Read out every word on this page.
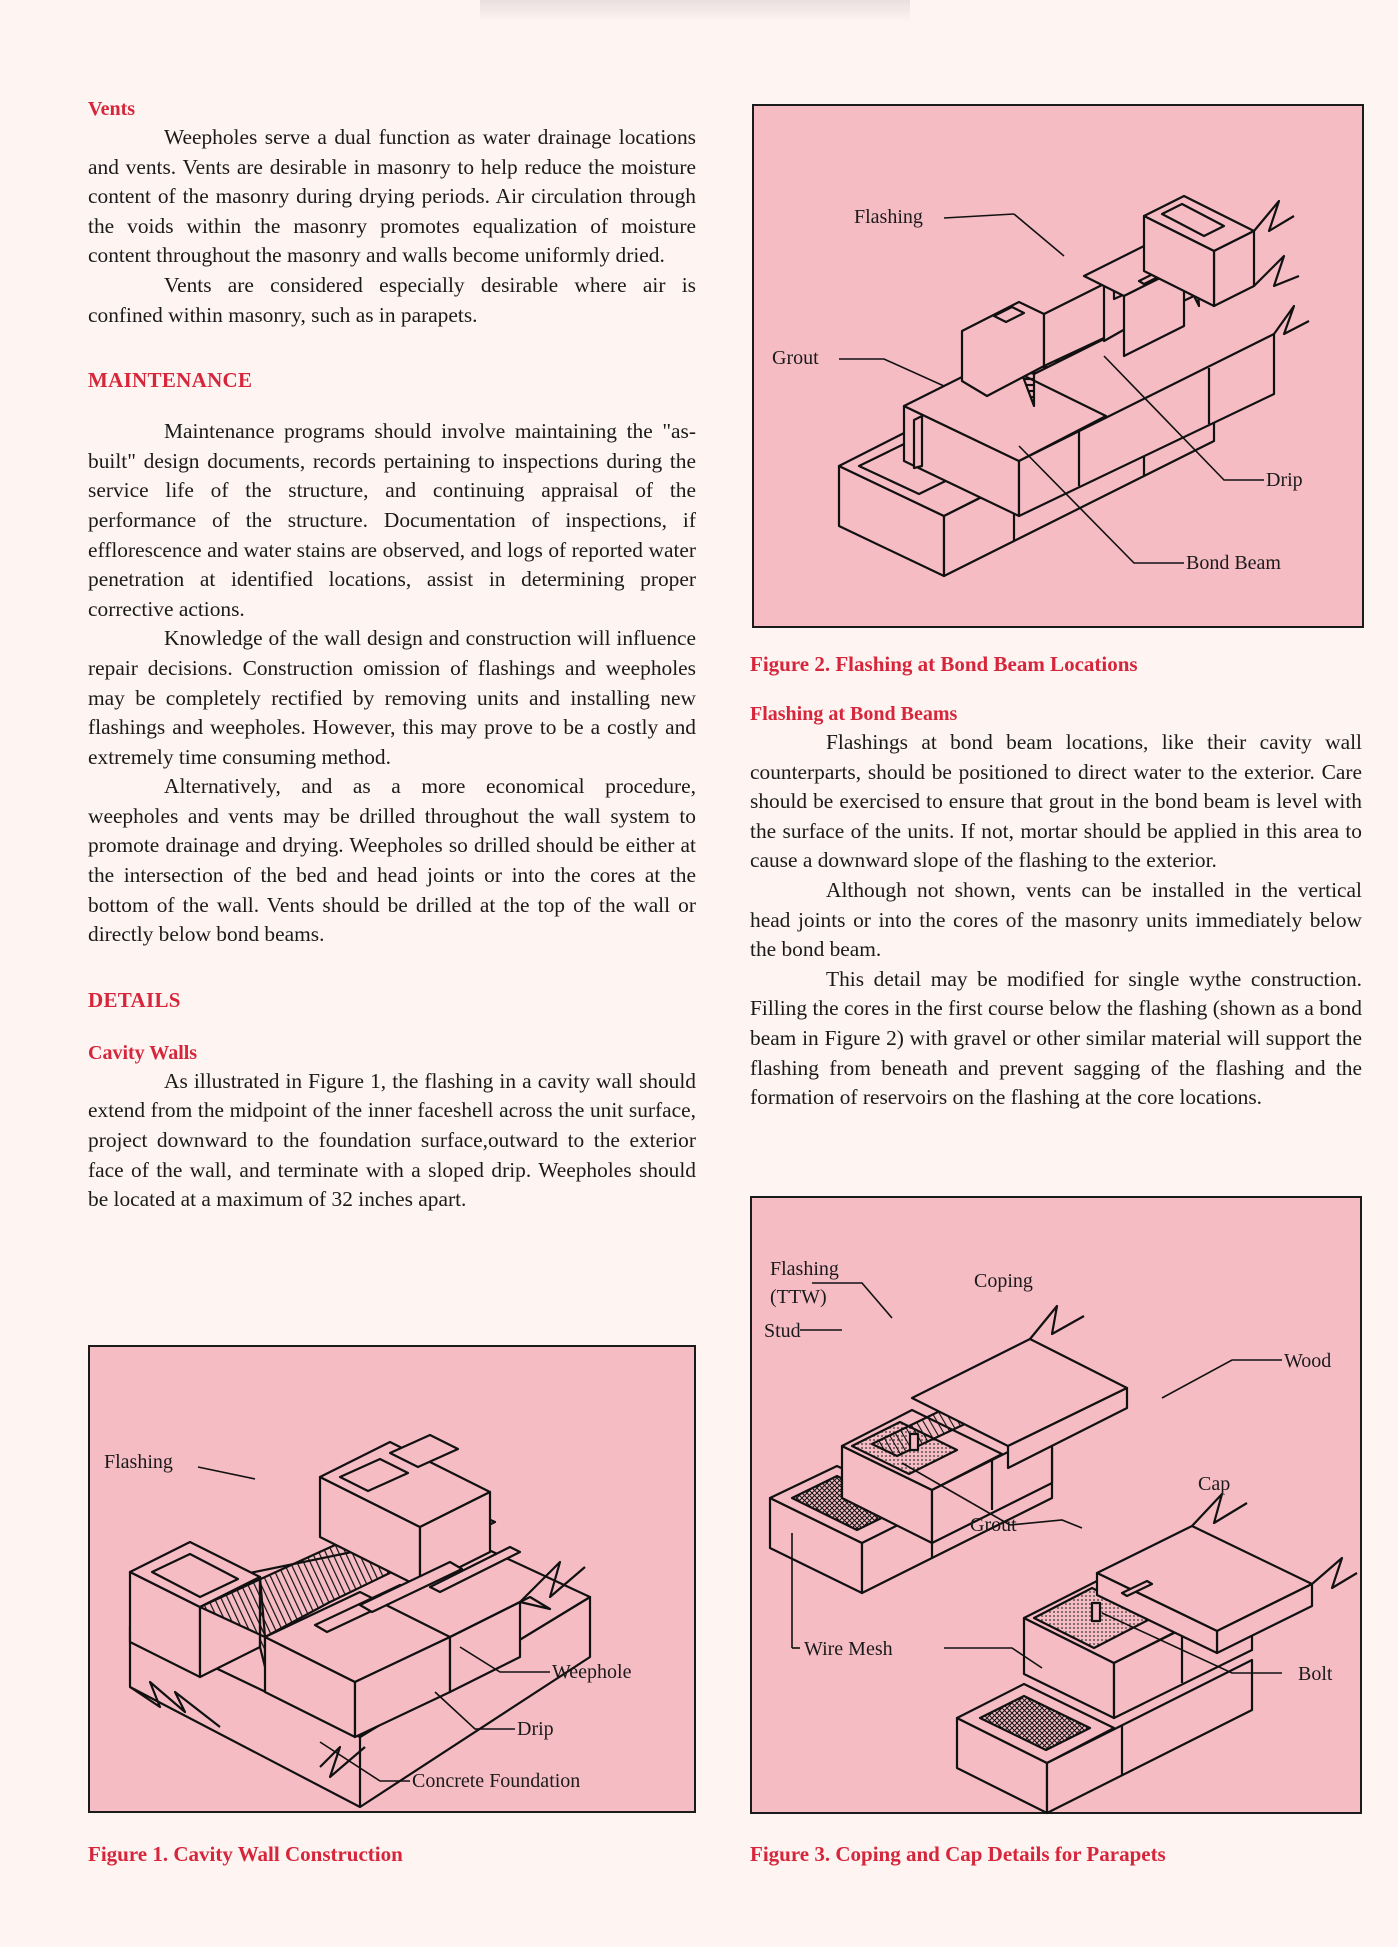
Vents

Weepholes serve a dual function as water drainage locations and vents. Vents are desirable in masonry to help reduce the moisture content of the masonry during drying periods. Air circulation through the voids within the masonry promotes equalization of moisture content throughout the masonry and walls become uniformly dried.

Vents are considered especially desirable where air is confined within masonry, such as in parapets.

MAINTENANCE

Maintenance programs should involve maintaining the "as-built" design documents, records pertaining to inspections during the service life of the structure, and continuing appraisal of the performance of the structure. Documentation of inspections, if efflorescence and water stains are observed, and logs of reported water penetration at identified locations, assist in determining proper corrective actions.

Knowledge of the wall design and construction will influence repair decisions. Construction omission of flashings and weepholes may be completely rectified by removing units and installing new flashings and weepholes. However, this may prove to be a costly and extremely time consuming method.

Alternatively, and as a more economical procedure, weepholes and vents may be drilled throughout the wall system to promote drainage and drying. Weepholes so drilled should be either at the intersection of the bed and head joints or into the cores at the bottom of the wall. Vents should be drilled at the top of the wall or directly below bond beams.

DETAILS
Cavity Walls

As illustrated in Figure 1, the flashing in a cavity wall should extend from the midpoint of the inner faceshell across the unit surface, project downward to the foundation surface,outward to the exterior face of the wall, and terminate with a sloped drip. Weepholes should be located at a maximum of 32 inches apart.

Flashing
Weephole
Drip
Concrete Foundation

Figure 1. Cavity Wall Construction

Flashing
Grout
Drip
Bond Beam

Figure 2. Flashing at Bond Beam Locations

Flashing at Bond Beams

Flashings at bond beam locations, like their cavity wall counterparts, should be positioned to direct water to the exterior. Care should be exercised to ensure that grout in the bond beam is level with the surface of the units. If not, mortar should be applied in this area to cause a downward slope of the flashing to the exterior.

Although not shown, vents can be installed in the vertical head joints or into the cores of the masonry units immediately below the bond beam.

This detail may be modified for single wythe construction. Filling the cores in the first course below the flashing (shown as a bond beam in Figure 2) with gravel or other similar material will support the flashing from beneath and prevent sagging of the flashing and the formation of reservoirs on the flashing at the core locations.

Flashing
(TTW)
Coping
Stud
Wood
Cap
Grout
Wire Mesh
Bolt

Figure 3. Coping and Cap Details for Parapets
